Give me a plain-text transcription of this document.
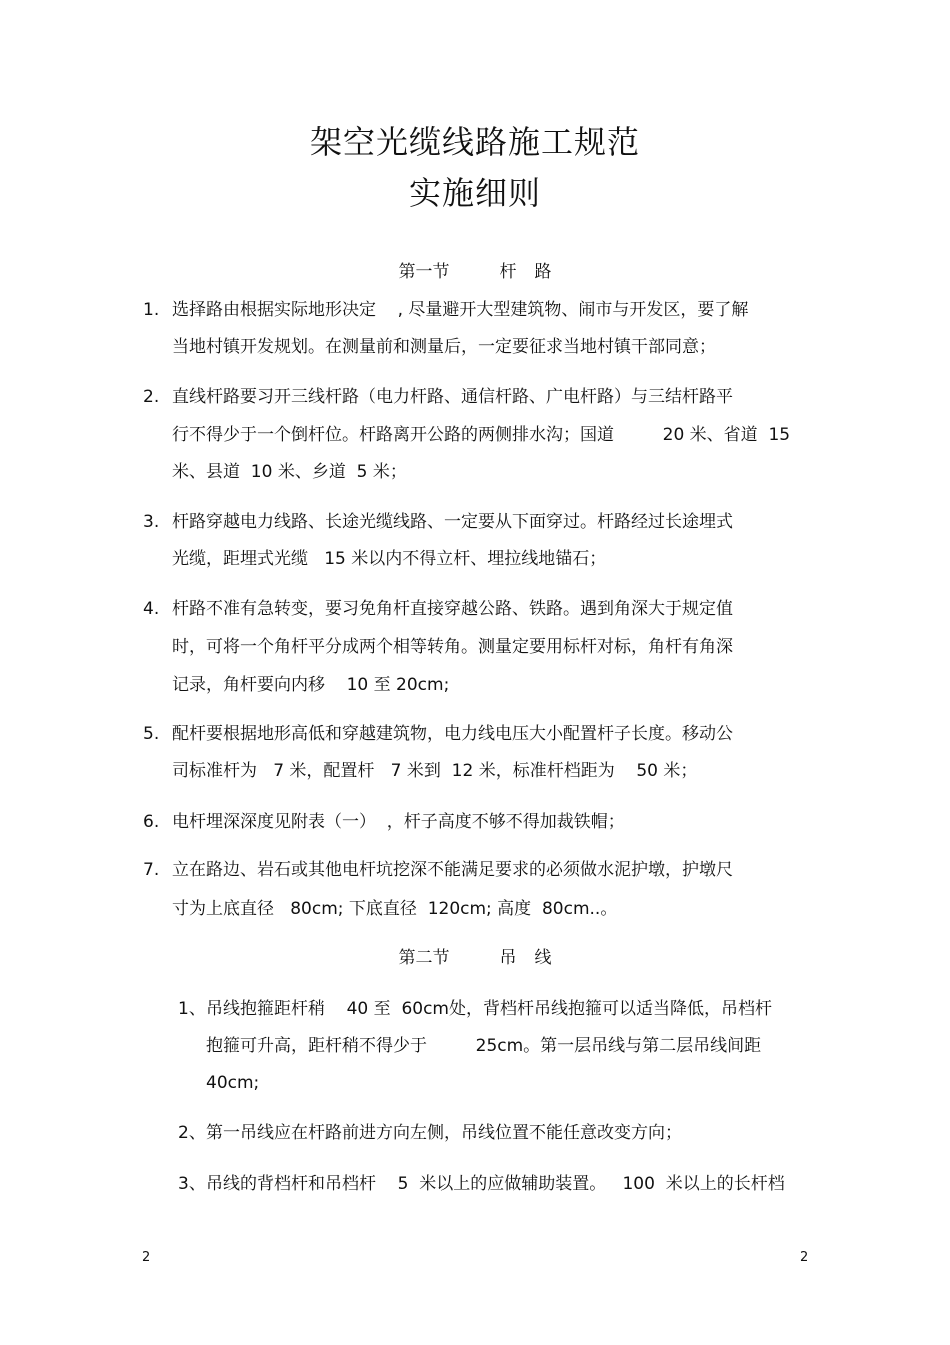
架空光缆线路施工规范
实施细则
第一节	杆 路
1. 选择路由根据实际地形决定    , 尽量避开大型建筑物、闹市与开发区，要了解
当地村镇开发规划。在测量前和测量后，一定要征求当地村镇干部同意；
2. 直线杆路要习开三线杆路（电力杆路、通信杆路、广电杆路）与三结杆路平
行不得少于一个倒杆位。杆路离开公路的两侧排水沟；国道         20 米、省道  15
米、县道  10 米、乡道  5 米；
3. 杆路穿越电力线路、长途光缆线路、一定要从下面穿过。杆路经过长途埋式
光缆，距埋式光缆   15 米以内不得立杆、埋拉线地锚石；
4. 杆路不准有急转变，要习免角杆直接穿越公路、铁路。遇到角深大于规定值
时，可将一个角杆平分成两个相等转角。测量定要用标杆对标，角杆有角深
记录，角杆要向内移    10 至 20cm;
5. 配杆要根据地形高低和穿越建筑物，电力线电压大小配置杆子长度。移动公
司标准杆为   7 米，配置杆   7 米到  12 米，标准杆档距为    50 米；
6. 电杆埋深深度见附表（一）  ，杆子高度不够不得加裁铁帽；
7. 立在路边、岩石或其他电杆坑挖深不能满足要求的必须做水泥护墩，护墩尺
寸为上底直径   80cm; 下底直径  120cm; 高度  80cm..。
第二节	吊 线
1、 吊线抱箍距杆稍    40 至  60cm处，背档杆吊线抱箍可以适当降低，吊档杆
抱箍可升高，距杆稍不得少于         25cm。第一层吊线与第二层吊线间距
40cm;
2、 第一吊线应在杆路前进方向左侧，吊线位置不能任意改变方向；
3、 吊线的背档杆和吊档杆    5  米以上的应做辅助装置。   100  米以上的长杆档
2	2
